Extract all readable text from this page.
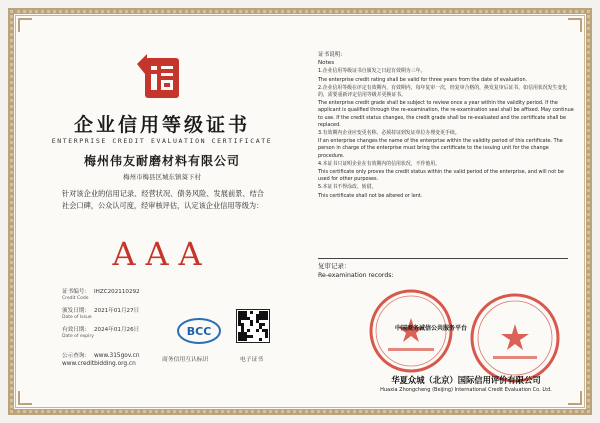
企业信用等级证书
ENTERPRISE CREDIT EVALUATION CERTIFICATE
梅州伟友耐磨材料有限公司
梅州市梅县区城东镇葵下村
针对该企业的信用记录、经营状况、债务风险、发展前景、结合社会口碑，公众认可度，经审核评估，认定该企业信用等级为：
AAA
证书编号： IHZC202110292
Credit Code
颁发日期： 2021年01月27日
Date of Issue
有效日期： 2024年01月26日
Date of expiry
公示查询： www.315gov.cn
www.creditbidding.org.cn
BCC
商务信用互认标识	电子证书
证书说明：
Notes

1.企业信用等级证书自颁发之日起有效期为三年。

The enterprise credit rating shall be valid for three years from the date of evaluation.

2.企业信用等级在评定有效期内，有效期内，每年复审一次，经复审合格的，换发复审后证书，如信用状况发生变化的，需要重新评定信用等级并更换证书。

The enterprise credit grade shall be subject to review once a year within the validity period. If the applicant is qualified through the re-examination, the re-examination seal shall be affixed. May continue to use. If the credit status changes, the credit grade shall be re-evaluated and the certificate shall be replaced.

3.有效期内企业应变更名称、必须持证到发证单位办理变更手续。

If an enterprise changes the name of the enterprise within the validity period of this certificate. The person in charge of the enterprise must bring the certificate to the issuing unit for the change procedure.

4.本证书只证明企业在有效期内的信用状况，不作他用。

This certificate only proves the credit status within the valid period of the enterprise, and will not be used for other purposes.

5.本证书不得涂改、转借。

This certificate shall not be altered or lent.

复审记录：
Re-examination records:
中国商务诚信公共服务平台
华夏众城（北京）国际信用评价有限公司
Huaxia Zhongcheng (Beijing) International Credit Evaluation Co. Ltd.
